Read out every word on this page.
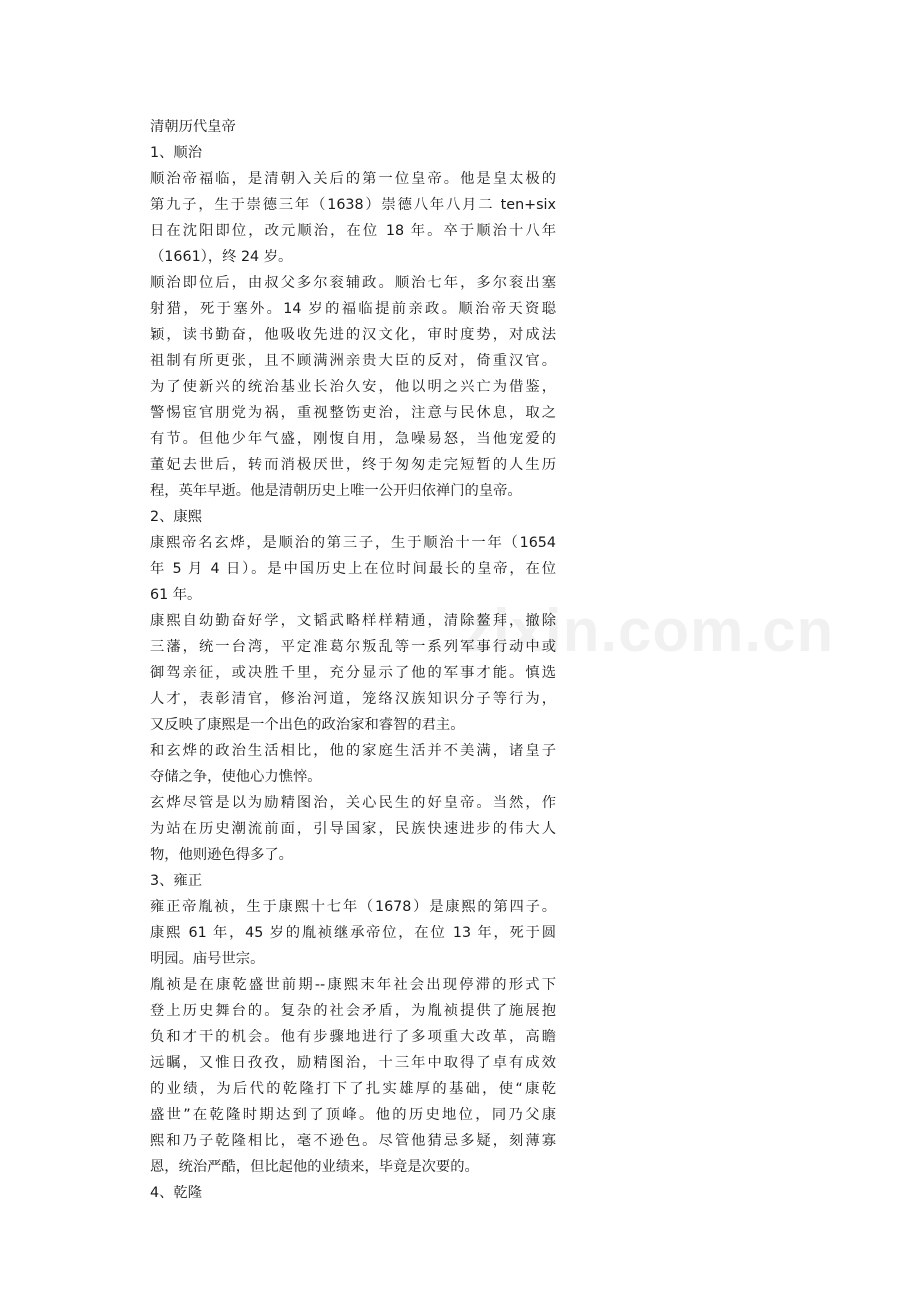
zixin.com.cn
清朝历代皇帝
1、顺治
顺治帝福临，是清朝入关后的第一位皇帝。他是皇太极的
第九子，生于崇德三年（1638）崇德八年八月二 ten+six
日在沈阳即位，改元顺治，在位 18 年。卒于顺治十八年
（1661），终 24 岁。
顺治即位后，由叔父多尔衮辅政。顺治七年，多尔衮出塞
射猎，死于塞外。14 岁的福临提前亲政。顺治帝天资聪
颖，读书勤奋，他吸收先进的汉文化，审时度势，对成法
祖制有所更张，且不顾满洲亲贵大臣的反对，倚重汉官。
为了使新兴的统治基业长治久安，他以明之兴亡为借鉴，
警惕宦官朋党为祸，重视整饬吏治，注意与民休息，取之
有节。但他少年气盛，刚愎自用，急噪易怒，当他宠爱的
董妃去世后，转而消极厌世，终于匆匆走完短暂的人生历
程，英年早逝。他是清朝历史上唯一公开归依禅门的皇帝。
2、康熙
康熙帝名玄烨，是顺治的第三子，生于顺治十一年（1654
年 5 月 4 日）。是中国历史上在位时间最长的皇帝，在位
61 年。
康熙自幼勤奋好学，文韬武略样样精通，清除鳌拜，撤除
三藩，统一台湾，平定准葛尔叛乱等一系列军事行动中或
御驾亲征，或决胜千里，充分显示了他的军事才能。慎选
人才，表彰清官，修治河道，笼络汉族知识分子等行为，
又反映了康熙是一个出色的政治家和睿智的君主。
和玄烨的政治生活相比，他的家庭生活并不美满，诸皇子
夺储之争，使他心力憔悴。
玄烨尽管是以为励精图治，关心民生的好皇帝。当然，作
为站在历史潮流前面，引导国家，民族快速进步的伟大人
物，他则逊色得多了。
3、雍正
雍正帝胤祯，生于康熙十七年（1678）是康熙的第四子。
康熙 61 年，45 岁的胤祯继承帝位，在位 13 年，死于圆
明园。庙号世宗。
胤祯是在康乾盛世前期--康熙末年社会出现停滞的形式下
登上历史舞台的。复杂的社会矛盾，为胤祯提供了施展抱
负和才干的机会。他有步骤地进行了多项重大改革，高瞻
远瞩，又惟日孜孜，励精图治，十三年中取得了卓有成效
的业绩，为后代的乾隆打下了扎实雄厚的基础，使“康乾
盛世”在乾隆时期达到了顶峰。他的历史地位，同乃父康
熙和乃子乾隆相比，毫不逊色。尽管他猜忌多疑，刻薄寡
恩，统治严酷，但比起他的业绩来，毕竟是次要的。
4、乾隆
